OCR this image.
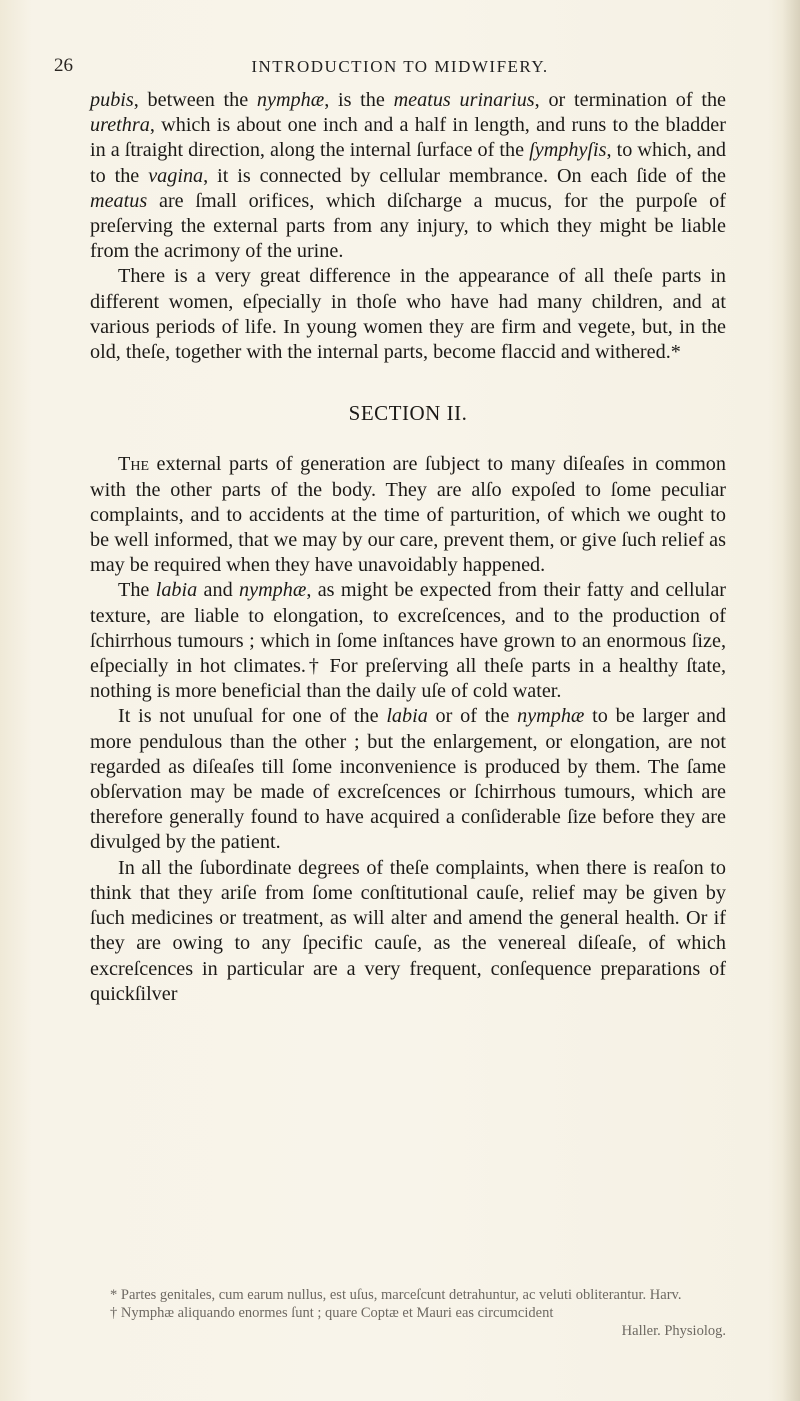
26	INTRODUCTION TO MIDWIFERY.

pubis, between the nymphæ, is the meatus urinarius, or termination of the urethra, which is about one inch and a half in length, and runs to the bladder in a ſtraight direction, along the internal ſurface of the ſymphyſis, to which, and to the vagina, it is connected by cellular membrance. On each ſide of the meatus are ſmall orifices, which diſcharge a mucus, for the purpoſe of preſerving the external parts from any injury, to which they might be liable from the acrimony of the urine.

There is a very great difference in the appearance of all theſe parts in different women, eſpecially in thoſe who have had many children, and at various periods of life. In young women they are firm and vegete, but, in the old, theſe, together with the internal parts, become flaccid and withered.*

SECTION II.

The external parts of generation are ſubject to many diſeaſes in common with the other parts of the body. They are alſo expoſed to ſome peculiar complaints, and to accidents at the time of parturition, of which we ought to be well informed, that we may by our care, prevent them, or give ſuch relief as may be required when they have unavoidably happened.

The labia and nymphæ, as might be expected from their fatty and cellular texture, are liable to elongation, to excreſcences, and to the production of ſchirrhous tumours ; which in ſome inſtances have grown to an enormous ſize, eſpecially in hot climates.† For preſerving all theſe parts in a healthy ſtate, nothing is more beneficial than the daily uſe of cold water.

It is not unuſual for one of the labia or of the nymphæ to be larger and more pendulous than the other ; but the enlargement, or elongation, are not regarded as diſeaſes till ſome inconvenience is produced by them. The ſame obſervation may be made of excreſcences or ſchirrhous tumours, which are therefore generally found to have acquired a conſiderable ſize before they are divulged by the patient.

In all the ſubordinate degrees of theſe complaints, when there is reaſon to think that they ariſe from ſome conſtitutional cauſe, relief may be given by ſuch medicines or treatment, as will alter and amend the general health. Or if they are owing to any ſpecific cauſe, as the venereal diſeaſe, of which excreſcences in particular are a very frequent, conſequence preparations of quickſilver

* Partes genitales, cum earum nullus, est uſus, marceſcunt detrahuntur, ac veluti obliterantur. Harv.

† Nymphæ aliquando enormes ſunt ; quare Coptæ et Mauri eas circumcident

Haller. Physiolog.
